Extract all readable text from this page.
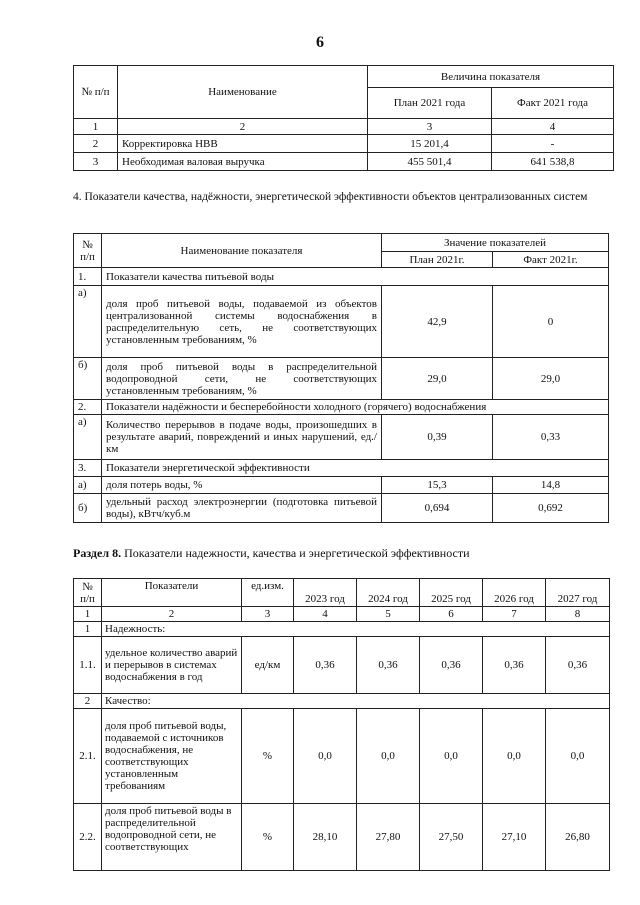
6
№ п/п	Наименование	Величина показателя	
		План 2021 года	Факт 2021 года
1	2	3	4
2	Корректировка НВВ	15 201,4	-
3	Необходимая валовая выручка	455 501,4	641 538,8
4. Показатели качества, надёжности, энергетической эффективности объектов централизованных систем
№ п/п	Наименование показателя	Значение показателей	
		План 2021г.	Факт 2021г.
1.	Показатели качества питьевой воды		
а)	доля проб питьевой воды, подаваемой из объектов централизованной системы водоснабжения в распределительную сеть, не соответствующих установленным требованиям, %	42,9	0
б)	доля проб питьевой воды в распределительной водопроводной сети, не соответствующих установленным требованиям, %	29,0	29,0
2.	Показатели надёжности и бесперебойности холодного (горячего) водоснабжения		
а)	Количество перерывов в подаче воды, произошедших в результате аварий, повреждений и иных нарушений, ед./км	0,39	0,33
3.	Показатели энергетической эффективности		
а)	доля потерь воды, %	15,3	14,8
б)	удельный расход электроэнергии (подготовка питьевой воды), кВтч/куб.м	0,694	0,692
Раздел 8. Показатели надежности, качества и энергетической эффективности
№ п/п	Показатели	ед.изм.	2023 год	2024 год	2025 год	2026 год	2027 год
1	2	3	4	5	6	7	8
1	Надежность:						
1.1.	удельное количество аварий и перерывов в системах водоснабжения в год	ед/км	0,36	0,36	0,36	0,36	0,36
2	Качество:						
2.1.	доля проб питьевой воды, подаваемой с источников водоснабжения, не соответствующих установленным требованиям	%	0,0	0,0	0,0	0,0	0,0
2.2.	доля проб питьевой воды в распределительной водопроводной сети, не соответствующих	%	28,10	27,80	27,50	27,10	26,80
